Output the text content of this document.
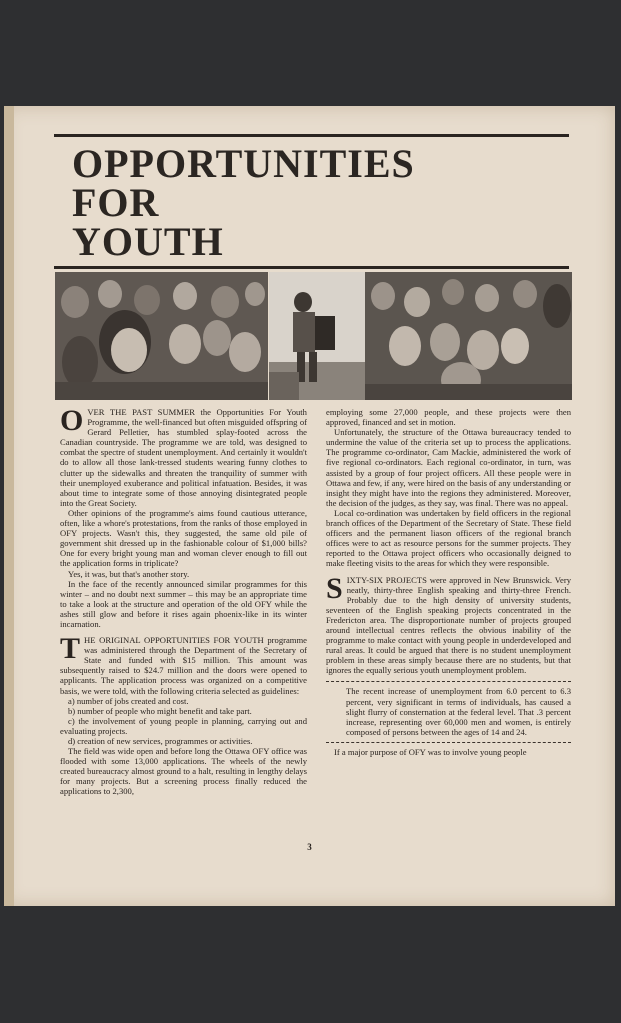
OPPORTUNITIES
FOR
YOUTH

OVER THE PAST SUMMER the Opportunities For Youth Programme, the well-financed but often misguided offspring of Gerard Pelletier, has stumbled splay-footed across the Canadian countryside. The programme we are told, was designed to combat the spectre of student unemployment. And certainly it wouldn't do to allow all those lank-tressed students wearing funny clothes to clutter up the sidewalks and threaten the tranquility of summer with their unemployed exuberance and political infatuation. Besides, it was about time to integrate some of those annoying disintegrated people into the Great Society.

Other opinions of the programme's aims found cautious utterance, often, like a whore's protestations, from the ranks of those employed in OFY projects. Wasn't this, they suggested, the same old pile of government shit dressed up in the fashionable colour of $1,000 bills? One for every bright young man and woman clever enough to fill out the application forms in triplicate?

Yes, it was, but that's another story.

In the face of the recently announced similar programmes for this winter – and no doubt next summer – this may be an appropriate time to take a look at the structure and operation of the old OFY while the ashes still glow and before it rises again phoenix-like in its winter incarnation.

THE ORIGINAL OPPORTUNITIES FOR YOUTH programme was administered through the Department of the Secretary of State and funded with $15 million. This amount was subsequently raised to $24.7 million and the doors were opened to applicants. The application process was organized on a competitive basis, we were told, with the following criteria selected as guidelines:

a) number of jobs created and cost.

b) number of people who might benefit and take part.

c) the involvement of young people in planning, carrying out and evaluating projects.

d) creation of new services, programmes or activities.

The field was wide open and before long the Ottawa OFY office was flooded with some 13,000 applications. The wheels of the newly created bureaucracy almost ground to a halt, resulting in lengthy delays for many projects. But a screening process finally reduced the applications to 2,300,

employing some 27,000 people, and these projects were then approved, financed and set in motion.

Unfortunately, the structure of the Ottawa bureaucracy tended to undermine the value of the criteria set up to process the applications. The programme co-ordinator, Cam Mackie, administered the work of five regional co-ordinators. Each regional co-ordinator, in turn, was assisted by a group of four project officers. All these people were in Ottawa and few, if any, were hired on the basis of any understanding or insight they might have into the regions they administered. Moreover, the decision of the judges, as they say, was final. There was no appeal.

Local co-ordination was undertaken by field officers in the regional branch offices of the Department of the Secretary of State. These field officers and the permanent liason officers of the regional branch offices were to act as resource persons for the summer projects. They reported to the Ottawa project officers who occasionally deigned to make fleeting visits to the areas for which they were responsible.

SIXTY-SIX PROJECTS were approved in New Brunswick. Very neatly, thirty-three English speaking and thirty-three French. Probably due to the high density of university students, seventeen of the English speaking projects concentrated in the Fredericton area. The disproportionate number of projects grouped around intellectual centres reflects the obvious inability of the programme to make contact with young people in underdeveloped and rural areas. It could be argued that there is no student unemployment problem in these areas simply because there are no students, but that ignores the equally serious youth unemployment problem.

The recent increase of unemployment from 6.0 percent to 6.3 percent, very significant in terms of individuals, has caused a slight flurry of consternation at the federal level. That .3 percent increase, representing over 60,000 men and women, is entirely composed of persons between the ages of 14 and 24.

If a major purpose of OFY was to involve young people

3
